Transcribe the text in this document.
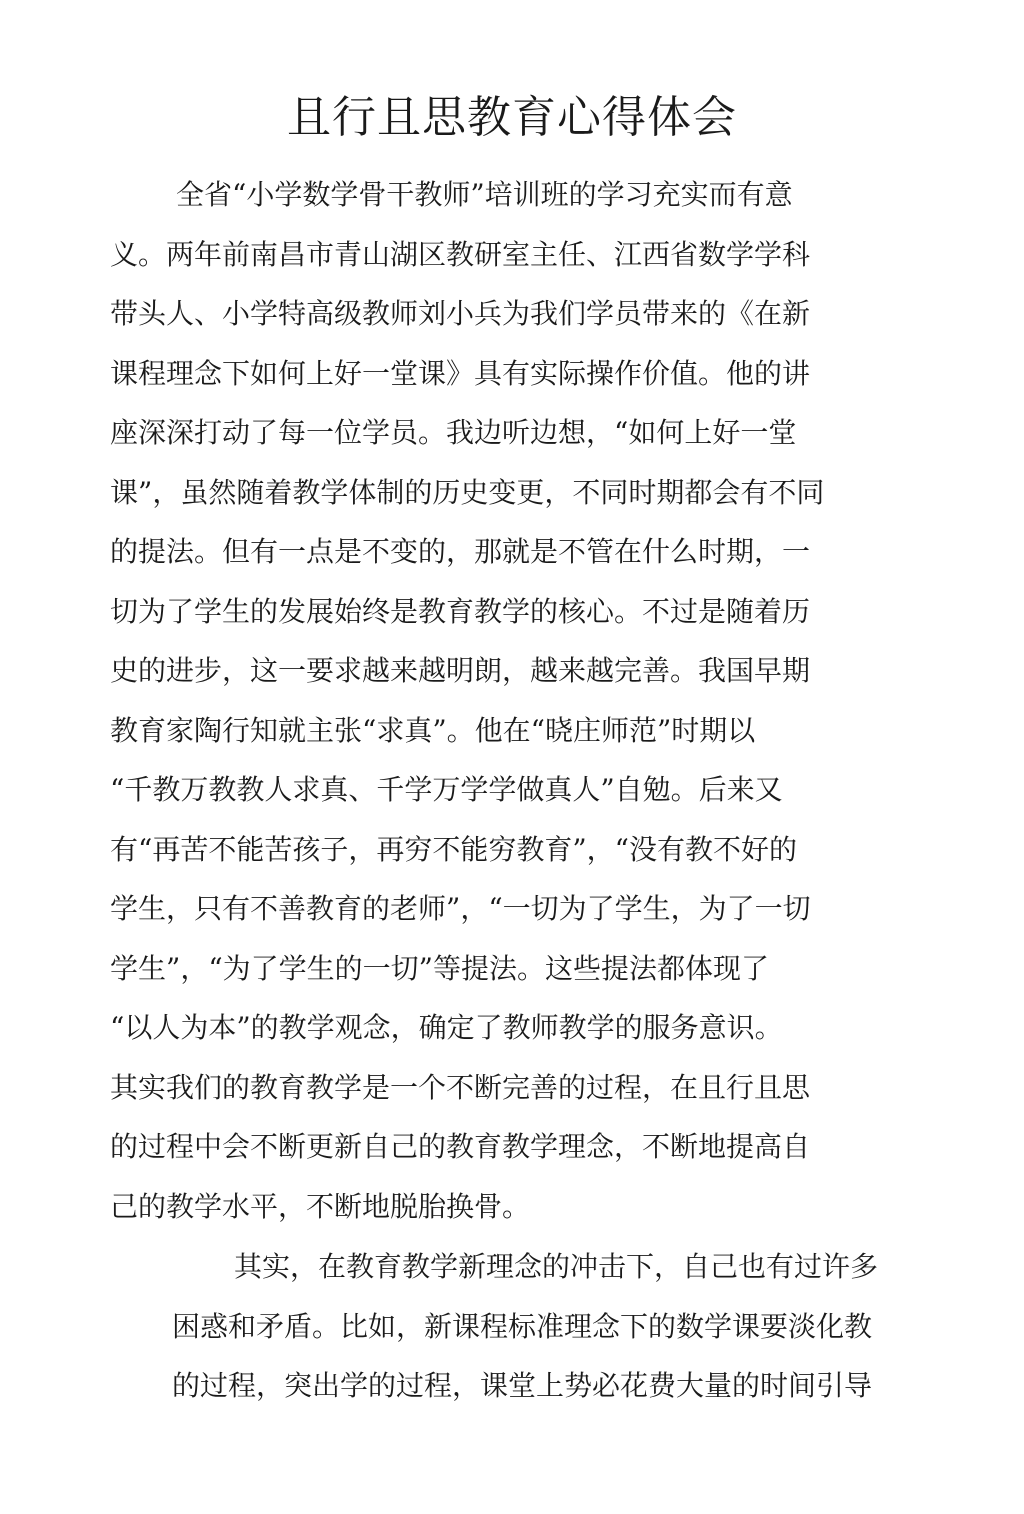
且行且思教育心得体会
全省“小学数学骨干教师”培训班的学习充实而有意
义。两年前南昌市青山湖区教研室主任、江西省数学学科
带头人、小学特高级教师刘小兵为我们学员带来的《在新
课程理念下如何上好一堂课》具有实际操作价值。他的讲
座深深打动了每一位学员。我边听边想，“如何上好一堂
课”，虽然随着教学体制的历史变更，不同时期都会有不同
的提法。但有一点是不变的，那就是不管在什么时期，一
切为了学生的发展始终是教育教学的核心。不过是随着历
史的进步，这一要求越来越明朗，越来越完善。我国早期
教育家陶行知就主张“求真”。他在“晓庄师范”时期以
“千教万教教人求真、千学万学学做真人”自勉。后来又
有“再苦不能苦孩子，再穷不能穷教育”，“没有教不好的
学生，只有不善教育的老师”，“一切为了学生，为了一切
学生”，“为了学生的一切”等提法。这些提法都体现了
“以人为本”的教学观念，确定了教师教学的服务意识。
其实我们的教育教学是一个不断完善的过程，在且行且思
的过程中会不断更新自己的教育教学理念，不断地提高自
己的教学水平，不断地脱胎换骨。
其实，在教育教学新理念的冲击下，自己也有过许多
困惑和矛盾。比如，新课程标准理念下的数学课要淡化教
的过程，突出学的过程，课堂上势必花费大量的时间引导
